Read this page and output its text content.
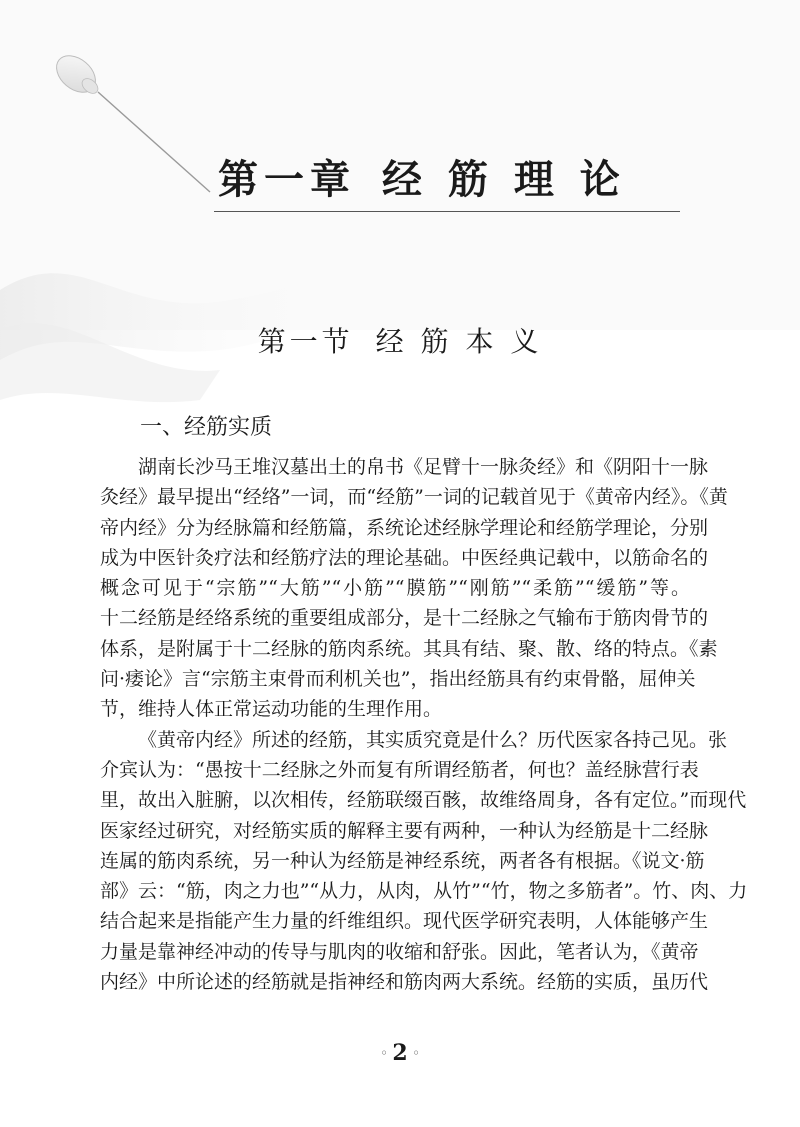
第一章 经 筋 理 论
第一节 经 筋 本 义
一、经筋实质
湖南长沙马王堆汉墓出土的帛书《足臂十一脉灸经》和《阴阳十一脉
灸经》最早提出“经络”一词，而“经筋”一词的记载首见于《黄帝内经》。《黄
帝内经》分为经脉篇和经筋篇，系统论述经脉学理论和经筋学理论，分别
成为中医针灸疗法和经筋疗法的理论基础。中医经典记载中，以筋命名的
概念可见于“宗筋”“大筋”“小筋”“膜筋”“刚筋”“柔筋”“缓筋”等。
十二经筋是经络系统的重要组成部分，是十二经脉之气输布于筋肉骨节的
体系，是附属于十二经脉的筋肉系统。其具有结、聚、散、络的特点。《素
问·痿论》言“宗筋主束骨而利机关也”，指出经筋具有约束骨骼，屈伸关
节，维持人体正常运动功能的生理作用。
《黄帝内经》所述的经筋，其实质究竟是什么？历代医家各持己见。张
介宾认为：“愚按十二经脉之外而复有所谓经筋者，何也？盖经脉营行表
里，故出入脏腑，以次相传，经筋联缀百骸，故维络周身，各有定位。”而现代
医家经过研究，对经筋实质的解释主要有两种，一种认为经筋是十二经脉
连属的筋肉系统，另一种认为经筋是神经系统，两者各有根据。《说文·筋
部》云：“筋，肉之力也”“从力，从肉，从竹”“竹，物之多筋者”。竹、肉、力
结合起来是指能产生力量的纤维组织。现代医学研究表明，人体能够产生
力量是靠神经冲动的传导与肌肉的收缩和舒张。因此，笔者认为，《黄帝
内经》中所论述的经筋就是指神经和筋肉两大系统。经筋的实质，虽历代
◦ 2 ◦
